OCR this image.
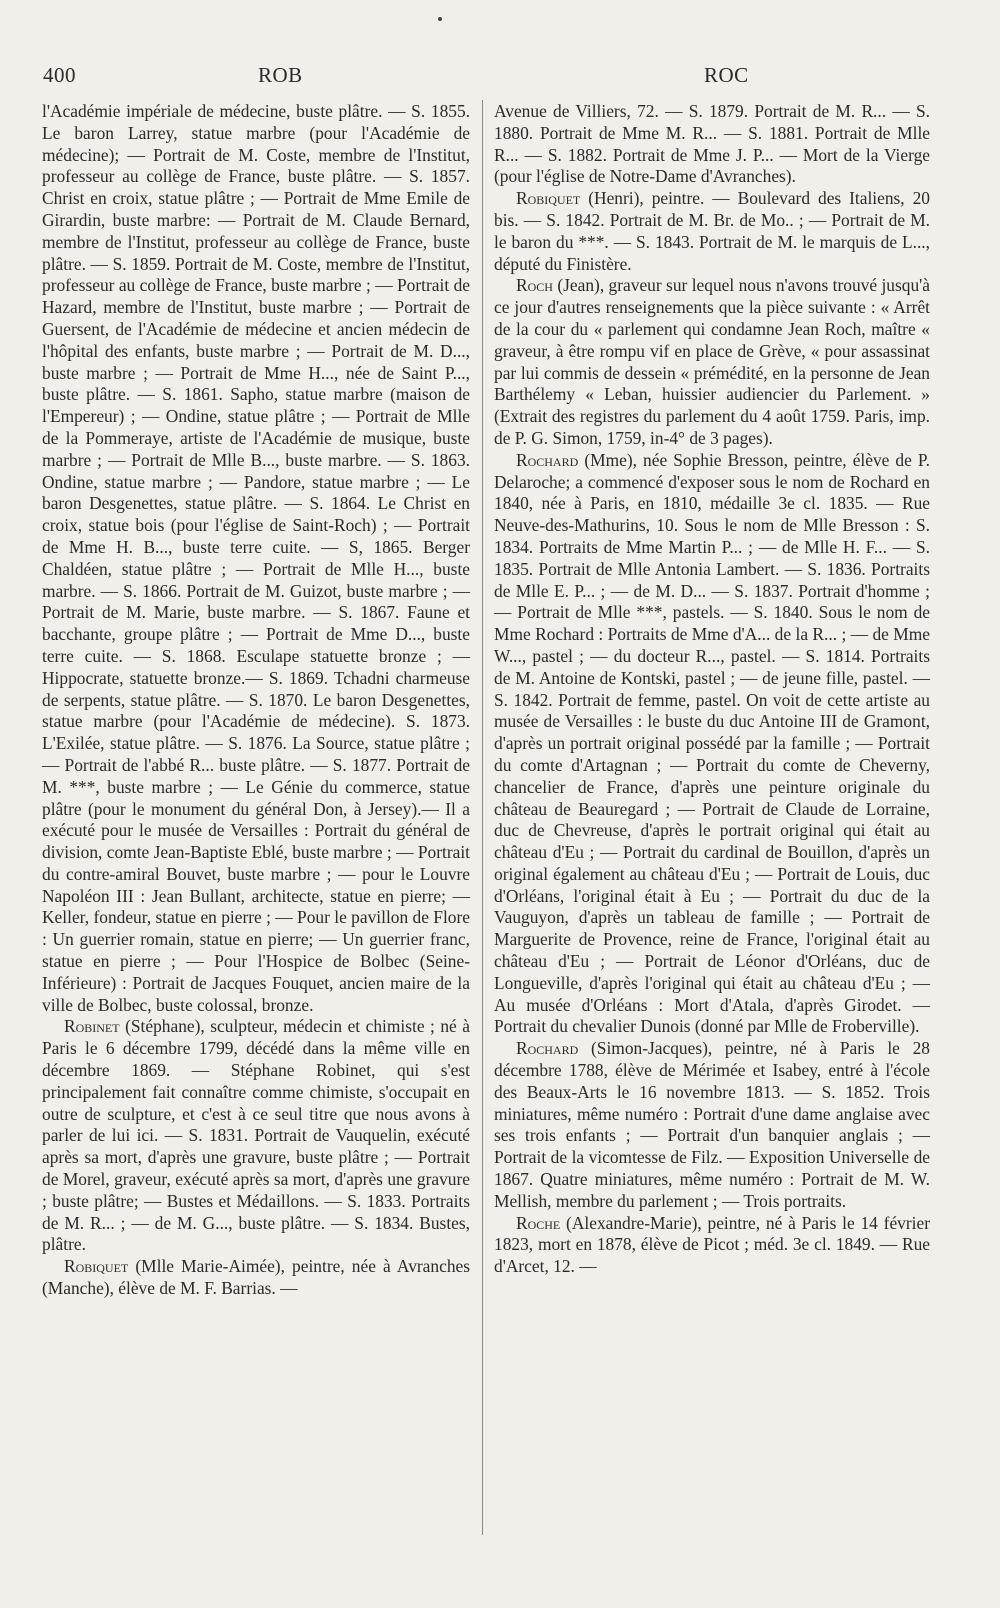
400	ROB	ROC

l'Académie impériale de médecine, buste plâtre. — S. 1855. Le baron Larrey, statue marbre (pour l'Académie de médecine); — Portrait de M. Coste, membre de l'Institut, professeur au collège de France, buste plâtre. — S. 1857. Christ en croix, statue plâtre ; — Portrait de Mme Emile de Girardin, buste marbre: — Portrait de M. Claude Bernard, membre de l'Institut, professeur au collège de France, buste plâtre. — S. 1859. Portrait de M. Coste, membre de l'Institut, professeur au collège de France, buste marbre ; — Portrait de Hazard, membre de l'Institut, buste marbre ; — Portrait de Guersent, de l'Académie de médecine et ancien médecin de l'hôpital des enfants, buste marbre ; — Portrait de M. D..., buste marbre ; — Portrait de Mme H..., née de Saint P..., buste plâtre. — S. 1861. Sapho, statue marbre (maison de l'Empereur) ; — Ondine, statue plâtre ; — Portrait de Mlle de la Pommeraye, artiste de l'Académie de musique, buste marbre ; — Portrait de Mlle B..., buste marbre. — S. 1863. Ondine, statue marbre ; — Pandore, statue marbre ; — Le baron Desgenettes, statue plâtre. — S. 1864. Le Christ en croix, statue bois (pour l'église de Saint-Roch) ; — Portrait de Mme H. B..., buste terre cuite. — S, 1865. Berger Chaldéen, statue plâtre ; — Portrait de Mlle H..., buste marbre. — S. 1866. Portrait de M. Guizot, buste marbre ; — Portrait de M. Marie, buste marbre. — S. 1867. Faune et bacchante, groupe plâtre ; — Portrait de Mme D..., buste terre cuite. — S. 1868. Esculape statuette bronze ; — Hippocrate, statuette bronze.— S. 1869. Tchadni charmeuse de serpents, statue plâtre. — S. 1870. Le baron Desgenettes, statue marbre (pour l'Académie de médecine). S. 1873. L'Exilée, statue plâtre. — S. 1876. La Source, statue plâtre ; — Portrait de l'abbé R... buste plâtre. — S. 1877. Portrait de M. ***, buste marbre ; — Le Génie du commerce, statue plâtre (pour le monument du général Don, à Jersey).— Il a exécuté pour le musée de Versailles : Portrait du général de division, comte Jean-Baptiste Eblé, buste marbre ; — Portrait du contre-amiral Bouvet, buste marbre ; — pour le Louvre Napoléon III : Jean Bullant, architecte, statue en pierre; — Keller, fondeur, statue en pierre ; — Pour le pavillon de Flore : Un guerrier romain, statue en pierre; — Un guerrier franc, statue en pierre ; — Pour l'Hospice de Bolbec (Seine-Inférieure) : Portrait de Jacques Fouquet, ancien maire de la ville de Bolbec, buste colossal, bronze.

Robinet (Stéphane), sculpteur, médecin et chimiste ; né à Paris le 6 décembre 1799, décédé dans la même ville en décembre 1869. — Stéphane Robinet, qui s'est principalement fait connaître comme chimiste, s'occupait en outre de sculpture, et c'est à ce seul titre que nous avons à parler de lui ici. — S. 1831. Portrait de Vauquelin, exécuté après sa mort, d'après une gravure, buste plâtre ; — Portrait de Morel, graveur, exécuté après sa mort, d'après une gravure ; buste plâtre; — Bustes et Médaillons. — S. 1833. Portraits de M. R... ; — de M. G..., buste plâtre. — S. 1834. Bustes, plâtre.

Robiquet (Mlle Marie-Aimée), peintre, née à Avranches (Manche), élève de M. F. Barrias. —

Avenue de Villiers, 72. — S. 1879. Portrait de M. R... — S. 1880. Portrait de Mme M. R... — S. 1881. Portrait de Mlle R... — S. 1882. Portrait de Mme J. P... — Mort de la Vierge (pour l'église de Notre-Dame d'Avranches).

Robiquet (Henri), peintre. — Boulevard des Italiens, 20 bis. — S. 1842. Portrait de M. Br. de Mo.. ; — Portrait de M. le baron du ***. — S. 1843. Portrait de M. le marquis de L..., député du Finistère.

Roch (Jean), graveur sur lequel nous n'avons trouvé jusqu'à ce jour d'autres renseignements que la pièce suivante : « Arrêt de la cour du « parlement qui condamne Jean Roch, maître « graveur, à être rompu vif en place de Grève, « pour assassinat par lui commis de dessein « prémédité, en la personne de Jean Barthélemy « Leban, huissier audiencier du Parlement. » (Extrait des registres du parlement du 4 août 1759. Paris, imp. de P. G. Simon, 1759, in-4° de 3 pages).

Rochard (Mme), née Sophie Bresson, peintre, élève de P. Delaroche; a commencé d'exposer sous le nom de Rochard en 1840, née à Paris, en 1810, médaille 3e cl. 1835. — Rue Neuve-des-Mathurins, 10. Sous le nom de Mlle Bresson : S. 1834. Portraits de Mme Martin P... ; — de Mlle H. F... — S. 1835. Portrait de Mlle Antonia Lambert. — S. 1836. Portraits de Mlle E. P... ; — de M. D... — S. 1837. Portrait d'homme ; — Portrait de Mlle ***, pastels. — S. 1840. Sous le nom de Mme Rochard : Portraits de Mme d'A... de la R... ; — de Mme W..., pastel ; — du docteur R..., pastel. — S. 1814. Portraits de M. Antoine de Kontski, pastel ; — de jeune fille, pastel. — S. 1842. Portrait de femme, pastel. On voit de cette artiste au musée de Versailles : le buste du duc Antoine III de Gramont, d'après un portrait original possédé par la famille ; — Portrait du comte d'Artagnan ; — Portrait du comte de Cheverny, chancelier de France, d'après une peinture originale du château de Beauregard ; — Portrait de Claude de Lorraine, duc de Chevreuse, d'après le portrait original qui était au château d'Eu ; — Portrait du cardinal de Bouillon, d'après un original également au château d'Eu ; — Portrait de Louis, duc d'Orléans, l'original était à Eu ; — Portrait du duc de la Vauguyon, d'après un tableau de famille ; — Portrait de Marguerite de Provence, reine de France, l'original était au château d'Eu ; — Portrait de Léonor d'Orléans, duc de Longueville, d'après l'original qui était au château d'Eu ; — Au musée d'Orléans : Mort d'Atala, d'après Girodet. — Portrait du chevalier Dunois (donné par Mlle de Froberville).

Rochard (Simon-Jacques), peintre, né à Paris le 28 décembre 1788, élève de Mérimée et Isabey, entré à l'école des Beaux-Arts le 16 novembre 1813. — S. 1852. Trois miniatures, même numéro : Portrait d'une dame anglaise avec ses trois enfants ; — Portrait d'un banquier anglais ; — Portrait de la vicomtesse de Filz. — Exposition Universelle de 1867. Quatre miniatures, même numéro : Portrait de M. W. Mellish, membre du parlement ; — Trois portraits.

Roche (Alexandre-Marie), peintre, né à Paris le 14 février 1823, mort en 1878, élève de Picot ; méd. 3e cl. 1849. — Rue d'Arcet, 12. —
